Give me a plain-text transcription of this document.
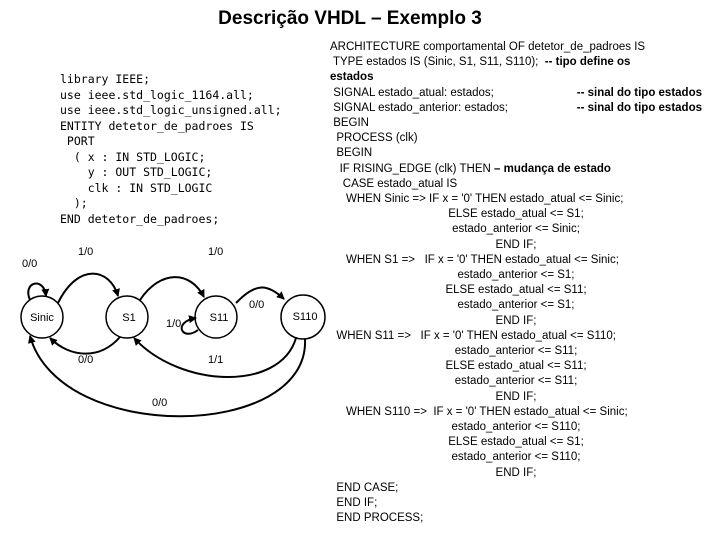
Descrição VHDL – Exemplo 3
library IEEE;
use ieee.std_logic_1164.all;
use ieee.std_logic_unsigned.all;
ENTITY detetor_de_padroes IS
PORT
( x : IN STD_LOGIC;
y : OUT STD_LOGIC;
clk : IN STD_LOGIC
);
END detetor_de_padroes;
Sinic	S1	S11	S110
0/0
1/0	1/0
0/0
0/0
1/0
1/1
0/0
ARCHITECTURE comportamental OF detetor_de_padroes IS
TYPE estados IS (Sinic, S1, S11, S110);  -- tipo define os
estados
SIGNAL estado_atual: estados;	-- sinal do tipo estados
SIGNAL estado_anterior: estados;	-- sinal do tipo estados
BEGIN
PROCESS (clk)
BEGIN
IF RISING_EDGE (clk) THEN – mudança de estado
CASE estado_atual IS
WHEN Sinic => IF x = '0' THEN estado_atual <= Sinic;
ELSE estado_atual <= S1;
estado_anterior <= Sinic;
END IF;
WHEN S1 =>   IF x = '0' THEN estado_atual <= Sinic;
estado_anterior <= S1;
ELSE estado_atual <= S11;
estado_anterior <= S1;
END IF;
WHEN S11 =>   IF x = '0' THEN estado_atual <= S110;
estado_anterior <= S11;
ELSE estado_atual <= S11;
estado_anterior <= S11;
END IF;
WHEN S110 =>  IF x = '0' THEN estado_atual <= Sinic;
estado_anterior <= S110;
ELSE estado_atual <= S1;
estado_anterior <= S110;
END IF;
END CASE;
END IF;
END PROCESS;
